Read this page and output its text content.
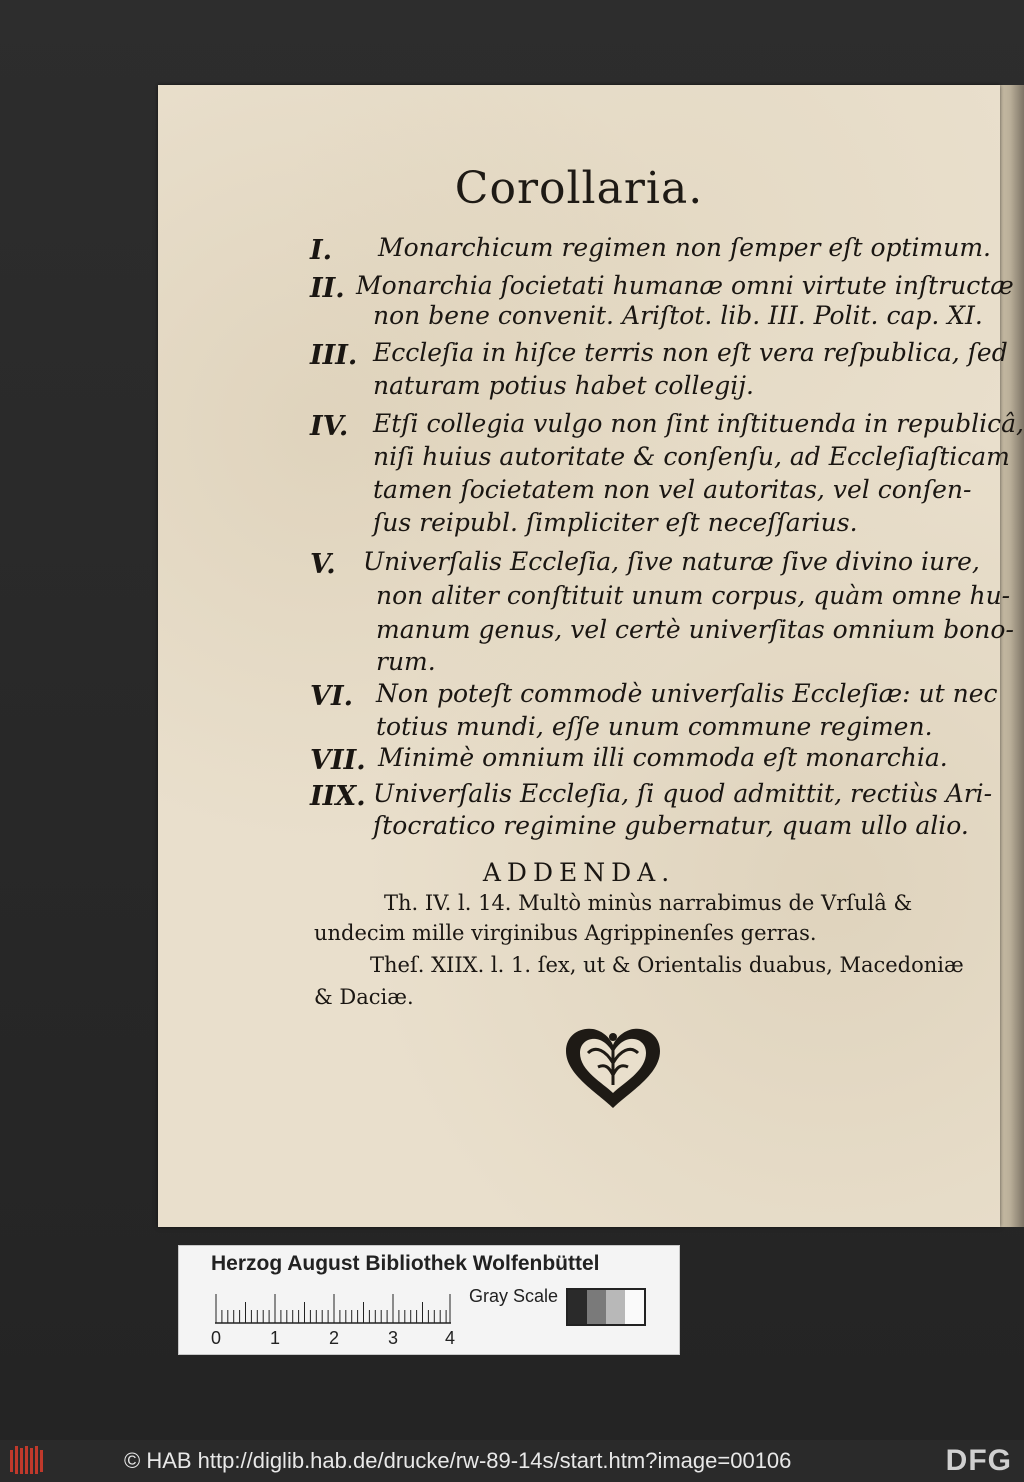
Corollaria.
I. Monarchicum regimen non ſemper eſt optimum.
II. Monarchia ſocietati humanæ omni virtute inſtructæ
non bene convenit. Ariſtot. lib. III. Polit. cap. XI.
III. Eccleſia in hiſce terris non eſt vera reſpublica, ſed
naturam potius habet collegij.
IV. Etſi collegia vulgo non ſint inſtituenda in republicâ,
niſi huius autoritate & conſenſu, ad Eccleſiaſticam
tamen ſocietatem non vel autoritas, vel conſen-
ſus reipubl. ſimpliciter eſt neceſſarius.
V. Univerſalis Eccleſia, ſive naturæ ſive divino iure,
non aliter conſtituit unum corpus, quàm omne hu-
manum genus, vel certè univerſitas omnium bono-
rum.
VI. Non poteſt commodè univerſalis Eccleſiæ: ut nec
totius mundi, eſſe unum commune regimen.
VII. Minimè omnium illi commoda eſt monarchia.
IIX. Univerſalis Eccleſia, ſi quod admittit, rectiùs Ari-
ſtocratico regimine gubernatur, quam ullo alio.
ADDENDA.
Th. IV. l. 14. Multò minùs narrabimus de Vrſulâ &
undecim mille virginibus Agrippinenſes gerras.
Theſ. XIIX. l. 1. ſex, ut & Orientalis duabus, Macedoniæ
& Daciæ.
Herzog August Bibliothek Wolfenbüttel
0	1	2	3	4
Gray Scale
© HAB http://diglib.hab.de/drucke/rw-89-14s/start.htm?image=00106	DFG
